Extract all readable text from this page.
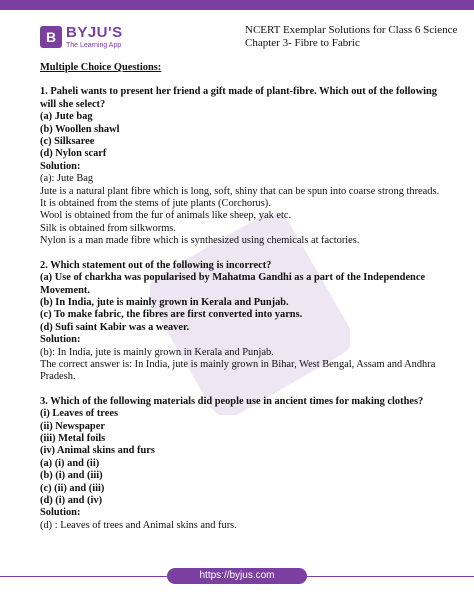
B BYJU'S
The Learning App
NCERT Exemplar Solutions for Class 6 Science
Chapter 3- Fibre to Fabric

Multiple Choice Questions:

1. Paheli wants to present her friend a gift made of plant-fibre. Which out of the following will she select?

(a) Jute bag

(b) Woollen shawl

(c) Silksaree

(d) Nylon scarf

Solution:

(a): Jute Bag

Jute is a natural plant fibre which is long, soft, shiny that can be spun into coarse strong threads. It is obtained from the stems of jute plants (Corchorus).

Wool is obtained from the fur of animals like sheep, yak etc.

Silk is obtained from silkworms.

Nylon is a man made fibre which is synthesized using chemicals at factories.

2. Which statement out of the following is incorrect?

(a) Use of charkha was popularised by Mahatma Gandhi as a part of the Independence Movement.

(b) In India, jute is mainly grown in Kerala and Punjab.

(c) To make fabric, the fibres are first converted into yarns.

(d) Sufi saint Kabir was a weaver.

Solution:

(b): In India, jute is mainly grown in Kerala and Punjab.

The correct answer is: In India, jute is mainly grown in Bihar, West Bengal, Assam and Andhra Pradesh.

3. Which of the following materials did people use in ancient times for making clothes?

(i) Leaves of trees

(ii) Newspaper

(iii) Metal foils

(iv) Animal skins and furs

(a) (i) and (ii)

(b) (i) and (iii)

(c) (ii) and (iii)

(d) (i) and (iv)

Solution:

(d) : Leaves of trees and Animal skins and furs.

https://byjus.com
